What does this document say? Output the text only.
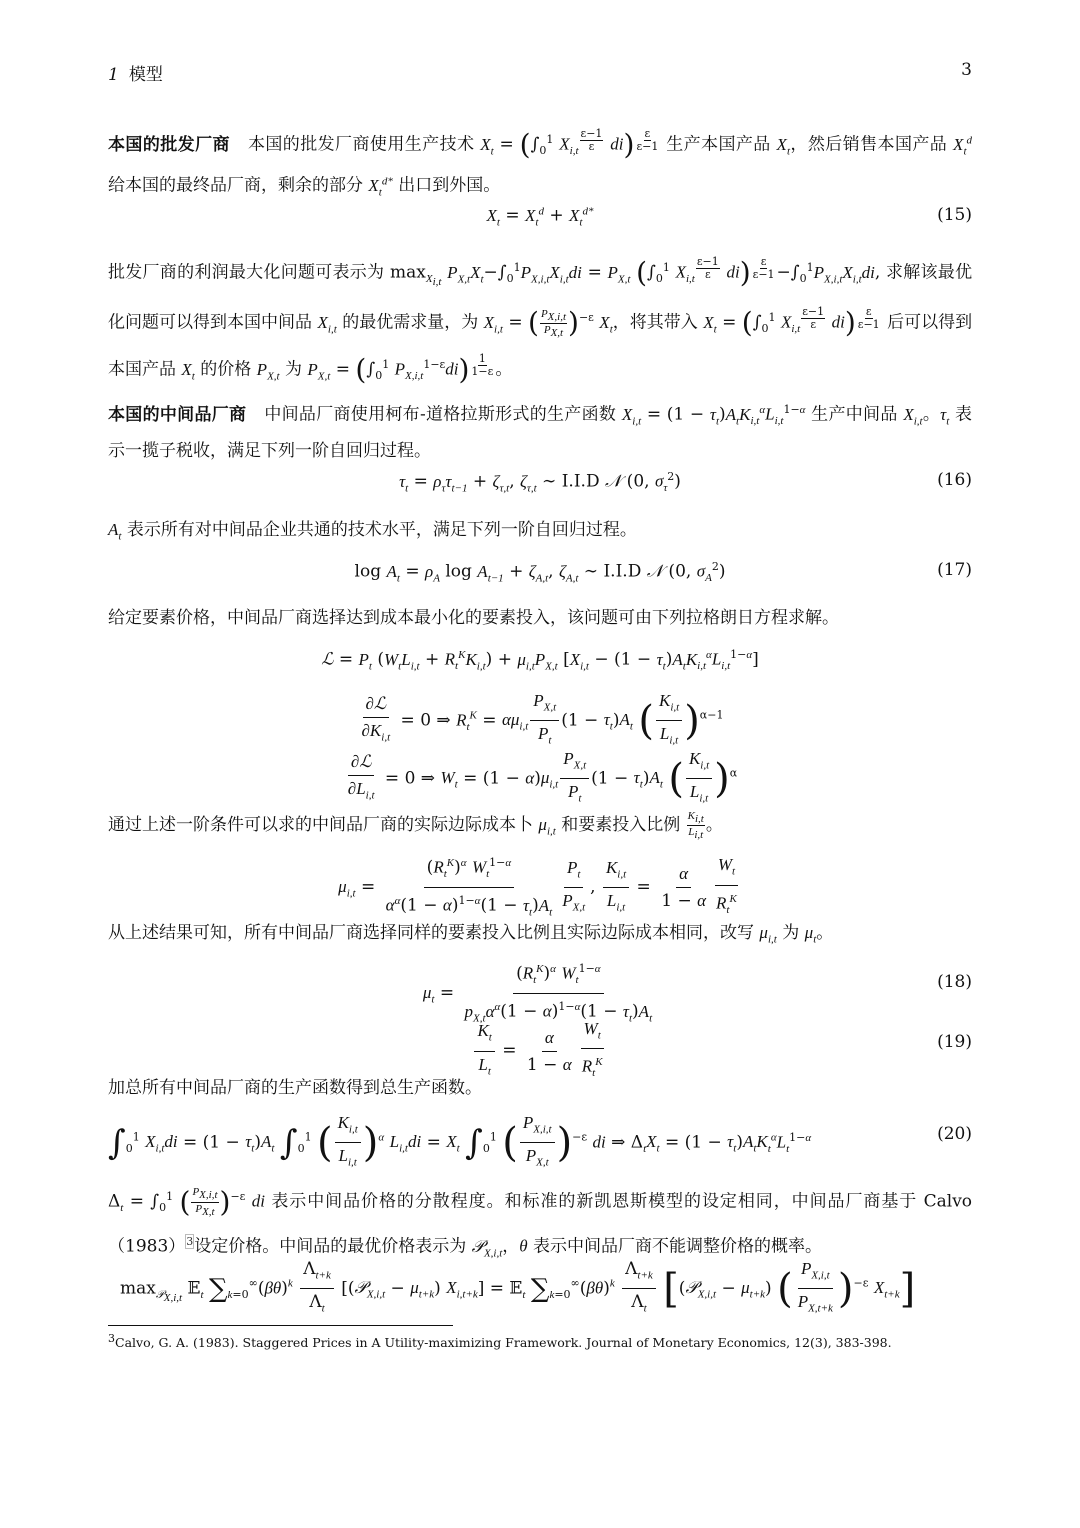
1 模型	3
本国的批发厂商 本国的批发厂商使用生产技术 $X_t = (\int_0^1$ $X_{i,t}$ $^{\frac{\varepsilon-1}{\varepsilon}}$ di) $^{\frac{\varepsilon}{\varepsilon-1}}$ 生产本国产品 $X_t$，然后销售本国产品 $X_t^d$ 给本国的最终品厂商，剩余的部分 $X_t^{d*}$ 出口到外国。
$X_t = X_t^d + X_t^{d*}$	(15)
批发厂商的利润最大化问题可表示为 $\max_{X_{i,t}} P_{X,t}X_t-\int_0^1P_{X,i,t}X_{i,t}di = P_{X,t}$ ($\int_0^1$ $X_{i,t}$ $^{\frac{\varepsilon-1}{\varepsilon}}$ di) $^{\frac{\varepsilon}{\varepsilon-1}} -\int_0^1P_{X,i,t}X_{i,t}di$, 求解该最优化问题可以得到本国中间品 $X_{i,t}$ 的最优需求量，为 $X_{i,t}$ = ( $\frac{P_{X,i,t}}{P_{X,t}} )^{-\varepsilon}$ $X_t$，将其带入 $X_t = (\int_0^1$ $X_{i,t}$ $^{\frac{\varepsilon-1}{\varepsilon}}$ di) $^{\frac{\varepsilon}{\varepsilon-1}}$ 后可以得到本国产品 $X_t$ 的价格 $P_{X,t}$ 为 $P_{X,t} = (\int_0^1$ $P_{X,i,t}^{1-\varepsilon}di$) $^{\frac{1}{1-\varepsilon}}$ 。
本国的中间品厂商 中间品厂商使用柯布-道格拉斯形式的生产函数 $X_{i,t} = (1 - \tau_t)A_tK_{i,t}^\alpha L_{i,t}^{1-\alpha}$ 生产中间品 $X_{i,t}$。$\tau_t$ 表示一揽子税收，满足下列一阶自回归过程。
$\tau_t = \rho_\tau\tau_{t-1} + \zeta_{\tau,t}$, $\zeta_{\tau,t}$ ∼ I.I.D 𝒩 (0, $\sigma_\tau^2$)	(16)
$A_t$ 表示所有对中间品企业共通的技术水平，满足下列一阶自回归过程。
$\log A_t = \rho_A$ $\log A_{t-1} + \zeta_{A,t}$, $\zeta_{A,t}$ ∼ I.I.D 𝒩 (0, $\sigma_A^2$)	(17)
给定要素价格，中间品厂商选择达到成本最小化的要素投入，该问题可由下列拉格朗日方程求解。
ℒ = $P_t$ $(W_tL_{i,t} + R_t^KK_{i,t}) + \mu_{i,t}P_{X,t}$ $[X_{i,t} - (1 - \tau_t)A_tK_{i,t}^\alpha L_{i,t}^{1-\alpha}]$
$\frac{\text{∂ℒ}}{\partial K_{i,t}} = 0$ ⇒ $R_t^K = \alpha\mu_{i,t} \frac{P_{X,t}}{P_t} (1 - \tau_t)A_t$ ( $\frac{K_{i,t}}{L_{i,t}} )^{\alpha-1}$
$\frac{\text{∂ℒ}}{\partial L_{i,t}} = 0$ ⇒ $W_t = (1 - \alpha)\mu_{i,t} \frac{P_{X,t}}{P_t} (1 - \tau_t)A_t$ ( $\frac{K_{i,t}}{L_{i,t}} )^\alpha$
通过上述一阶条件可以求的中间品厂商的实际边际成本卜 $\mu_{i,t}$ 和要素投入比例 $\frac{K_{i,t}}{L_{i,t}}$ 。
$\mu_{i,t} = \frac{(R_t^K)^\alpha W_t^{1-\alpha}}{\alpha^\alpha(1 - \alpha)^{1-\alpha}(1 - \tau_t)A_t} \frac{P_t}{P_{X,t}}$ , $\frac{K_{i,t}}{L_{i,t}} = \frac{\alpha}{1 - \alpha} \frac{W_t}{R_t^K}$
从上述结果可知，所有中间品厂商选择同样的要素投入比例且实际边际成本相同，改写 $\mu_{i,t}$ 为 $\mu_t$。
$\mu_t = \frac{(R_t^K)^\alpha W_t^{1-\alpha}}{p_{X,t}\alpha^\alpha(1 - \alpha)^{1-\alpha}(1 - \tau_t)A_t}$	(18)
$\frac{K_t}{L_t} = \frac{\alpha}{1 - \alpha} \frac{W_t}{R_t^K}$	(19)
加总所有中间品厂商的生产函数得到总生产函数。
$\int_0^1$ $X_{i,t}di = (1 - \tau_t)A_t$ $\int_0^1$ ( $\frac{K_{i,t}}{L_{i,t}} )^\alpha$ $L_{i,t}di = X_t$ $\int_0^1$ ( $\frac{P_{X,i,t}}{P_{X,t}} )^{-\varepsilon}$ di ⇒ $\Delta_tX_t = (1 - \tau_t)A_tK_t^\alpha L_t^{1-\alpha}$	(20)
$\Delta_t = \int_0^1$ ( $\frac{P_{X,i,t}}{P_{X,t}} )^{-\varepsilon}$ di 表示中间品价格的分散程度。和标准的新凯恩斯模型的设定相同，中间品厂商基于 Calvo（1983）$^3$设定价格。中间品的最优价格表示为 𝒫$_{X,i,t}$，θ 表示中间品厂商不能调整价格的概率。
$\max_{𝒫_{X,i,t}}$ 𝔼$_t$ $\sum_{k=0}^\infty(\beta\theta)^k \frac{\Lambda_{t+k}}{\Lambda_t}$ [(𝒫$_{X,i,t}$ − $\mu_{t+k}$) $X_{i,t+k}$] = 𝔼$_t$ $\sum_{k=0}^\infty(\beta\theta)^k \frac{\Lambda_{t+k}}{\Lambda_t}$ [(𝒫$_{X,i,t}$ − $\mu_{t+k}$) ( $\frac{P_{X,i,t}}{P_{X,t+k}} )^{-\varepsilon}$ $X_{t+k}$]
$^3$Calvo, G. A. (1983). Staggered Prices in A Utility-maximizing Framework. Journal of Monetary Economics, 12(3), 383-398.
